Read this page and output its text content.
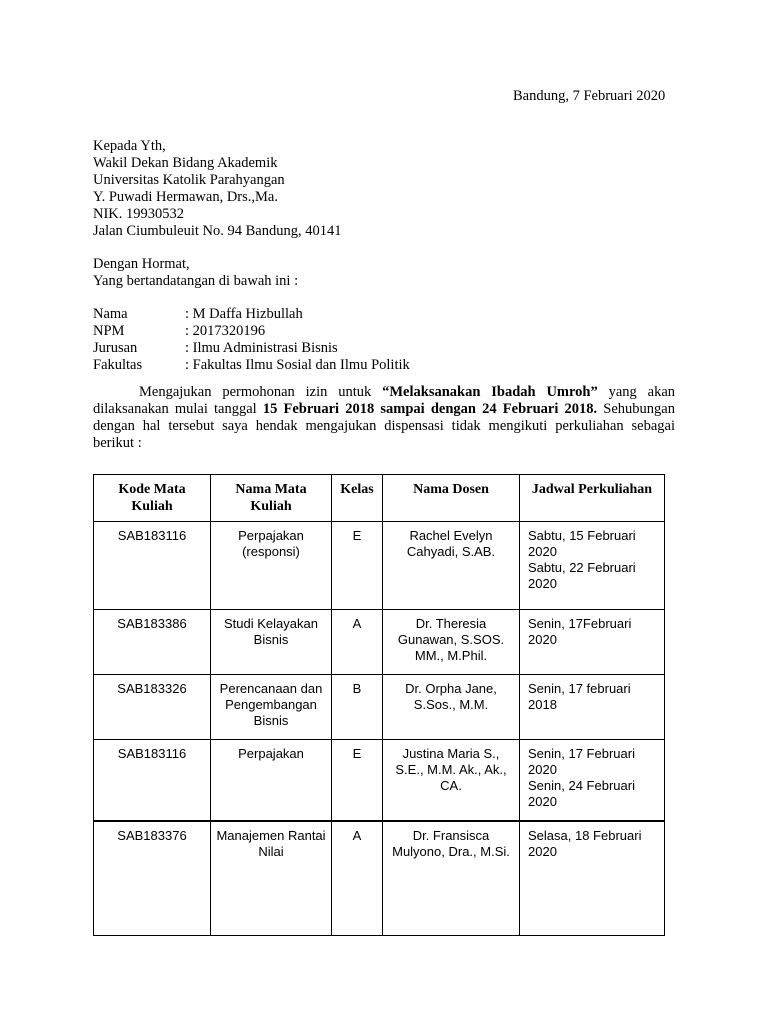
Bandung, 7 Februari 2020
Kepada Yth,
Wakil Dekan Bidang Akademik
Universitas Katolik Parahyangan
Y. Puwadi Hermawan, Drs.,Ma.
NIK. 19930532
Jalan Ciumbuleuit No. 94 Bandung, 40141
Dengan Hormat,
Yang bertandatangan di bawah ini :
Nama	: M Daffa Hizbullah
NPM	: 2017320196
Jurusan	: Ilmu Administrasi Bisnis
Fakultas	: Fakultas Ilmu Sosial dan Ilmu Politik
Mengajukan permohonan izin untuk “Melaksanakan Ibadah Umroh” yang akan dilaksanakan mulai tanggal 15 Februari 2018 sampai dengan 24 Februari 2018. Sehubungan dengan hal tersebut saya hendak mengajukan dispensasi tidak mengikuti perkuliahan sebagai berikut :
Kode Mata Kuliah	Nama Mata Kuliah	Kelas	Nama Dosen	Jadwal Perkuliahan
SAB183116	Perpajakan (responsi)	E	Rachel Evelyn Cahyadi, S.AB.	Sabtu, 15 Februari 2020
Sabtu, 22 Februari 2020

SAB183386	Studi Kelayakan Bisnis	A	Dr. Theresia Gunawan, S.SOS. MM., M.Phil.	Senin, 17Februari 2020

SAB183326	Perencanaan dan Pengembangan Bisnis	B	Dr. Orpha Jane, S.Sos., M.M.	Senin, 17 februari 2018

SAB183116	Perpajakan	E	Justina Maria S., S.E., M.M. Ak., Ak., CA.	Senin, 17 Februari 2020
Senin, 24 Februari 2020

SAB183376	Manajemen Rantai Nilai	A	Dr. Fransisca Mulyono, Dra., M.Si.	Selasa, 18 Februari 2020
